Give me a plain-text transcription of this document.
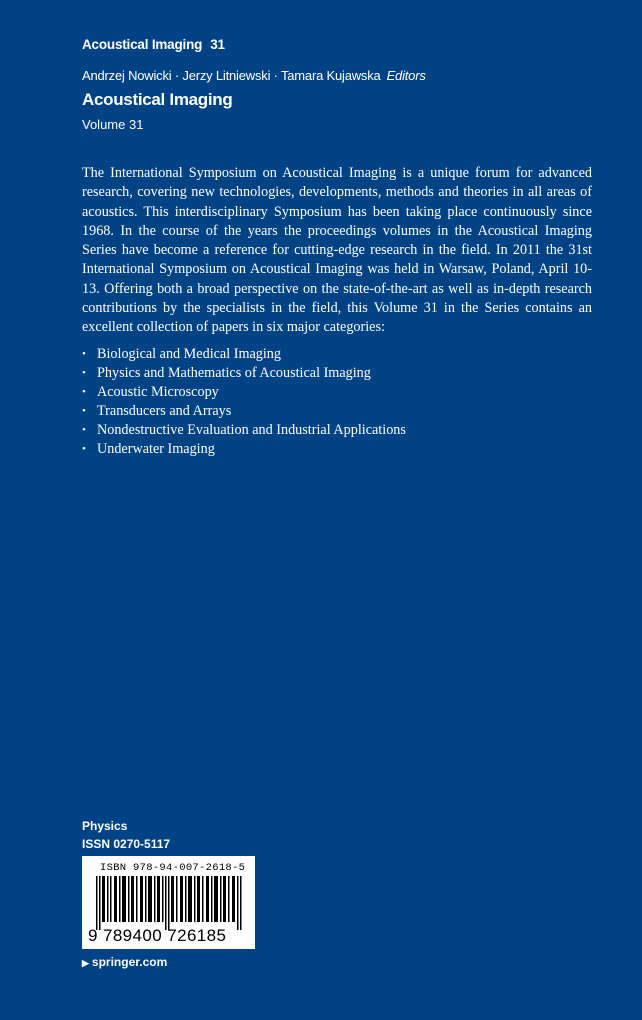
Acoustical Imaging 31
Andrzej Nowicki · Jerzy Litniewski · Tamara Kujawska Editors
Acoustical Imaging
Volume 31

The International Symposium on Acoustical Imaging is a unique forum for advanced research, covering new technologies, developments, methods and theories in all areas of acoustics. This interdisciplinary Symposium has been taking place continuously since 1968. In the course of the years the proceedings volumes in the Acoustical Imaging Series have become a reference for cutting-edge research in the field. In 2011 the 31st International Symposium on Acoustical Imaging was held in Warsaw, Poland, April 10-13. Offering both a broad perspective on the state-of-the-art as well as in-depth research contributions by the specialists in the field, this Volume 31 in the Series contains an excellent collection of papers in six major categories:

• Biological and Medical Imaging
• Physics and Mathematics of Acoustical Imaging
• Acoustic Microscopy
• Transducers and Arrays
• Nondestructive Evaluation and Industrial Applications
• Underwater Imaging
Physics
ISSN 0270-5117
ISBN 978-94-007-2618-5
9 789400 726185
▶ springer.com
